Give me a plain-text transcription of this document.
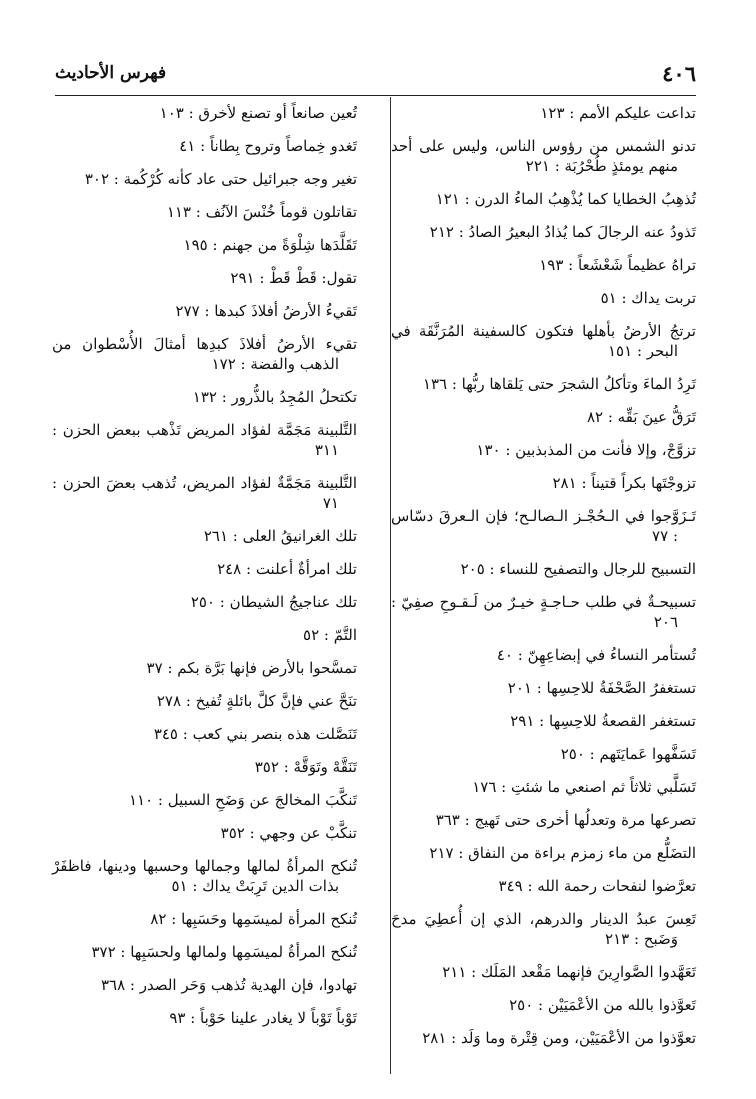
٤٠٦
فهرس الأحاديث

تداعت عليكم الأمم : ١٢٣

تدنو الشمس من رؤوس الناس، وليس على أحد منهم يومئذٍ طُحْرُبَة : ٢٢١

تُذهِبُ الخطايا كما يُذْهِبُ الماءُ الدرن : ١٢١

تَذودُ عنه الرجالَ كما يُذادُ البعيرُ الصادُ : ٢١٢

تراهُ عظيماً شَعْشَعاً : ١٩٣

تربت يداك : ٥١

ترتجُ الأرضُ بأهلها فتكون كالسفينة المُرَنَّقَة في البحر : ١٥١

تَرِدُ الماءَ وتأكلُ الشجرَ حتى يَلقاها ربُّها : ١٣٦

تَرَقُّ عينَ بَقِّه : ٨٢

تزوَّجْ، وإلا فأنت من المذبذبين : ١٣٠

تزوجْتَها بكراً قتيناً : ٢٨١

تَـزَوَّجوا في الـحُجْـز الـصالـح؛ فإن الـعرقَ دسّاس : ٧٧

التسبيح للرجال والتصفيح للنساء : ٢٠٥

تسبيحـةٌ في طلب حـاجـةٍ خيـرٌ من لَـقـوحِ صفِيّ : ٢٠٦

تُستأمر النساءُ في إبضاعِهِنّ : ٤٠

تستغفرُ الصَّحْفَةُ للاحِسِها : ٢٠١

تستغفر القصعةُ للاحِسِها : ٢٩١

تَسَفَّهوا عَمايَتَهم : ٢٥٠

تَسَلَّبي ثلاثاً ثم اصنعي ما شئتِ : ١٧٦

تصرعها مرة وتعدلُها أخرى حتى تَهيج : ٣٦٣

التضَلُّع من ماء زمزم براءة من النفاق : ٢١٧

تعرَّضوا لنفحات رحمة الله : ٣٤٩

تَعِسَ عبدُ الدينار والدرهم، الذي إن أُعطِيَ مدحَ وَضَبح : ٢١٣

تَعَهَّدوا الصَّوارِينَ فإنهما مَقْعد المَلَك : ٢١١

تَعوَّذوا بالله من الأعْمَيَيْن : ٢٥٠

تعوَّذوا من الأعْمَيَيْن، ومن قِتْرة وما وَلَد : ٢٨١

تُعين صانعاً أو تصنع لأخرق : ١٠٣

تَغدو خِماصاً وتروح بِطاناً : ٤١

تغير وجه جبرائيل حتى عاد كأنه كُرْكُمة : ٣٠٢

تقاتلون قوماً خُنْسَ الآنُف : ١١٣

تَقَلَّدَها شِلْوَةً من جهنم : ١٩٥

تقول: قَطْ قَطْ : ٢٩١

تَقيءُ الأرضُ أفلاذَ كبدها : ٢٧٧

تقيء الأرضُ أفلاذَ كبدِها أمثالَ الأُسْطوان من الذهب والفضة : ١٧٢

تكتحلُ المُجِدُ بالذُّرور : ١٣٢

التَّلبينة مَجَمَّة لفؤاد المريض تَذْهب ببعض الحزن : ٣١١

التَّلبينة مَجَمَّةٌ لفؤاد المريض، تُذهب بعضَ الحزن : ٧١

تلك الغرانيقُ العلى : ٢٦١

تلك امرأةٌ أعلنت : ٢٤٨

تلك عناجيجُ الشيطان : ٢٥٠

التَّمّ : ٥٢

تمسَّحوا بالأرض فإنها بَرَّة بكم : ٣٧

تنَحَّ عني فإنَّ كلَّ بائلةٍ تُفيخ : ٢٧٨

تَنَصَّلت هذه بنصر بني كعب : ٣٤٥

تَنَقَّهْ وتَوَقَّهْ : ٣٥٢

تَنكَّبَ المخالجَ عن وَضَحِ السبيل : ١١٠

تنكَّبْ عن وجهي : ٣٥٢

تُنكح المرأةُ لمالها وجمالها وحسبها ودينها، فاظفَرْ بذات الدين تَرِبَتْ يداك : ٥١

تُنكح المرأة لميسَمِها وحَسَبِها : ٨٢

تُنكح المرأةُ لميسَمِها ولمالها ولحسَبِها : ٣٧٢

تهادوا، فإن الهدية تُذهب وَحَر الصدر : ٣٦٨

تَوْباً تَوْباً لا يغادر علينا حَوْباً : ٩٣
